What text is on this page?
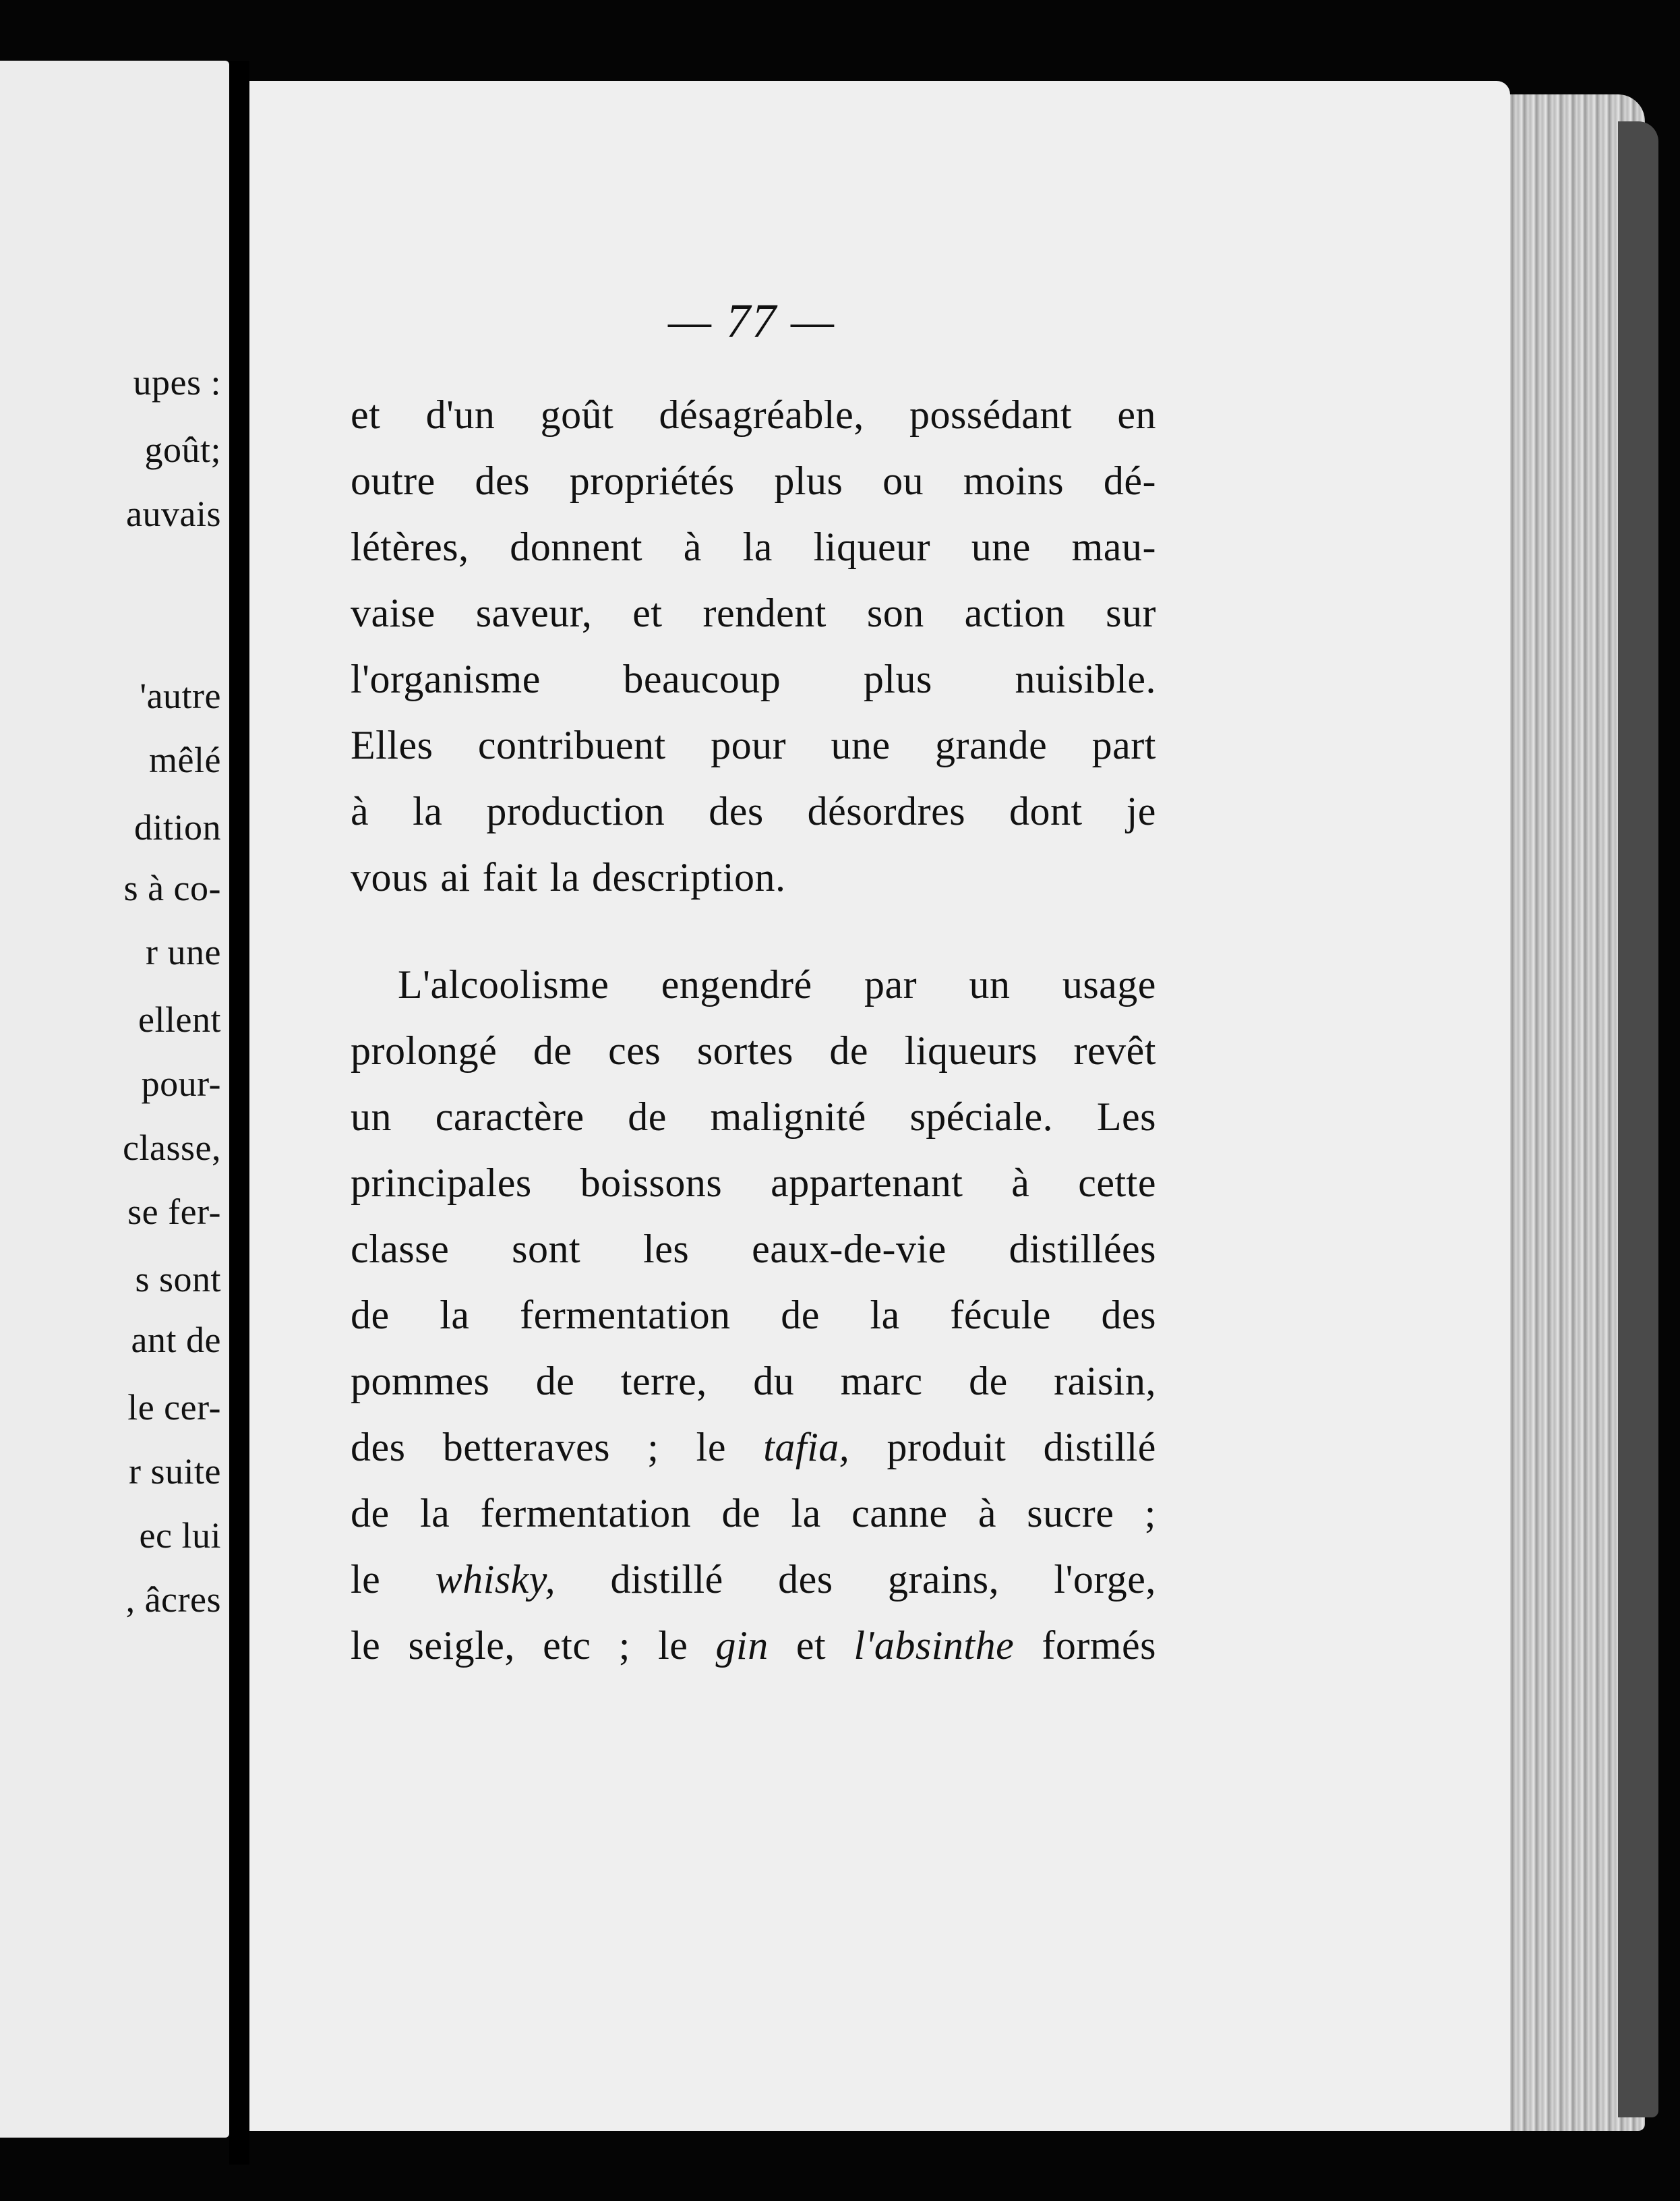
upes :
goût;
auvais
'autre
mêlé
dition
s à co-
r une
ellent
pour-
classe,
se fer-
s sont
ant de
le cer-
r suite
ec lui
, âcres
— 77 —
et d'un goût désagréable, possédant en
outre des propriétés plus ou moins dé-
létères, donnent à la liqueur une mau-
vaise saveur, et rendent son action sur
l'organisme beaucoup plus nuisible.
Elles contribuent pour une grande part
à la production des désordres dont je
vous ai fait la description.
L'alcoolisme engendré par un usage
prolongé de ces sortes de liqueurs revêt
un caractère de malignité spéciale. Les
principales boissons appartenant à cette
classe sont les eaux-de-vie distillées
de la fermentation de la fécule des
pommes de terre, du marc de raisin,
des betteraves ; le tafia, produit distillé
de la fermentation de la canne à sucre ;
le whisky, distillé des grains, l'orge,
le seigle, etc ; le gin et l'absinthe formés
